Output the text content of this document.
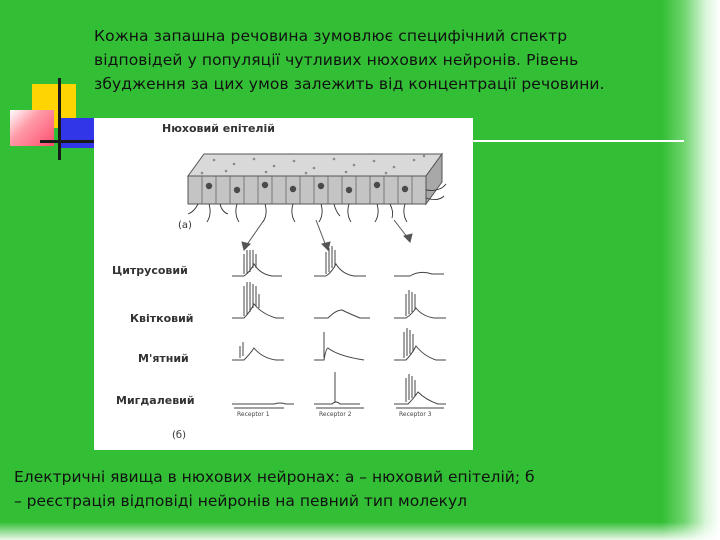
Кожна запашна речовина зумовлює специфічний спектр
відповідей у популяції чутливих нюхових нейронів. Рівень
збудження за цих умов залежить від концентрації речовини.
Нюховий епітелій
(а)
Цитрусовий
Квітковий
М'ятний
Мигдалевий
Receptor 1	Receptor 2	Receptor 3
(б)
Електричні явища в нюхових нейронах: а – нюховий епітелій; б
– реєстрація відповіді нейронів на певний тип молекул
